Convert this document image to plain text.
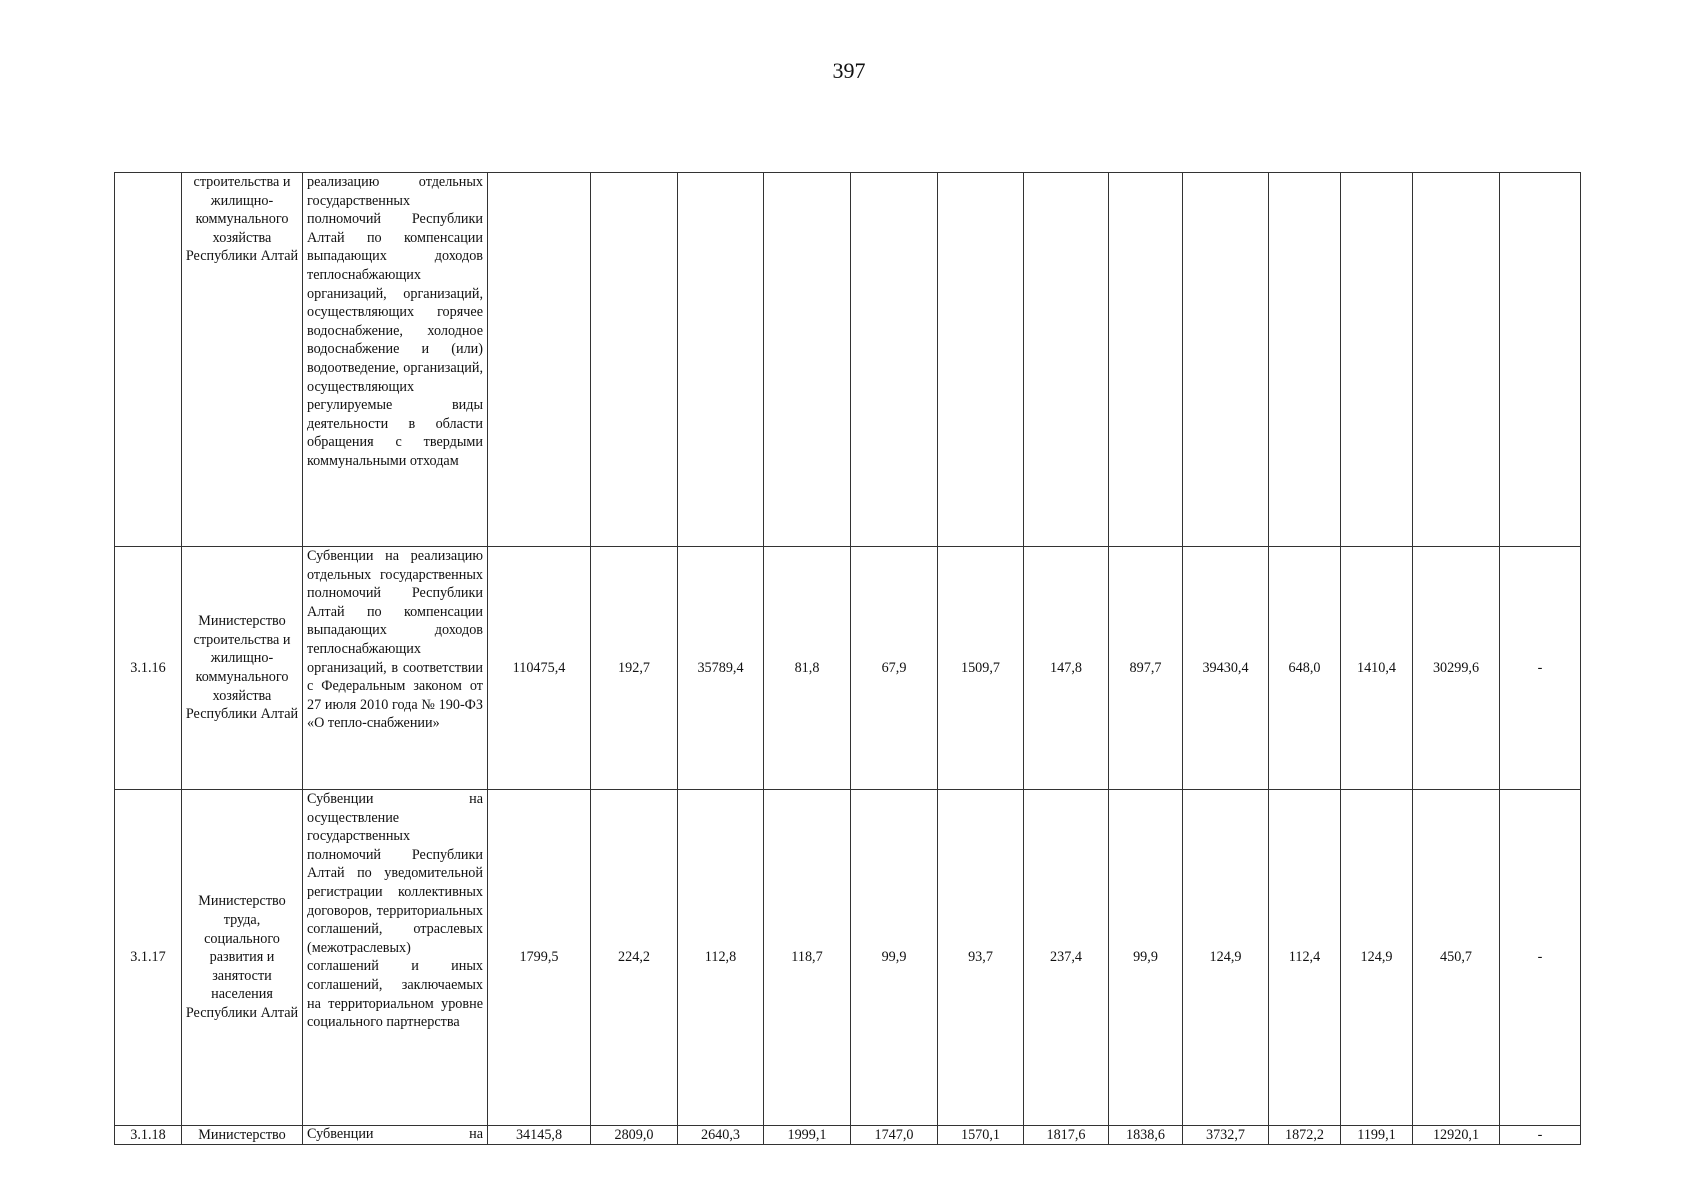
397
	строительства и жилищно-коммунального хозяйства Республики Алтай	реализацию отдельных государственных полномочий Республики Алтай по компенсации выпадающих доходов теплоснабжающих организаций, организаций, осуществляющих горячее водоснабжение, холодное водоснабжение и (или) водоотведение, организаций, осуществляющих регулируемые виды деятельности в области обращения с твердыми коммунальными отходам													
3.1.16	Министерство строительства и жилищно-коммунального хозяйства Республики Алтай	Субвенции на реализацию отдельных государственных полномочий Республики Алтай по компенсации выпадающих доходов теплоснабжающих организаций, в соответствии с Федеральным законом от 27 июля 2010 года № 190-ФЗ «О тепло-снабжении»	110475,4	192,7	35789,4	81,8	67,9	1509,7	147,8	897,7	39430,4	648,0	1410,4	30299,6	-
3.1.17	Министерство труда, социального развития и занятости населения Республики Алтай	Субвенции на осуществление государственных полномочий Республики Алтай по уведомительной регистрации коллективных договоров, территориальных соглашений, отраслевых (межотраслевых) соглашений и иных соглашений, заключаемых на территориальном уровне социального партнерства	1799,5	224,2	112,8	118,7	99,9	93,7	237,4	99,9	124,9	112,4	124,9	450,7	-
3.1.18	Министерство	Субвенции на	34145,8	2809,0	2640,3	1999,1	1747,0	1570,1	1817,6	1838,6	3732,7	1872,2	1199,1	12920,1	-
